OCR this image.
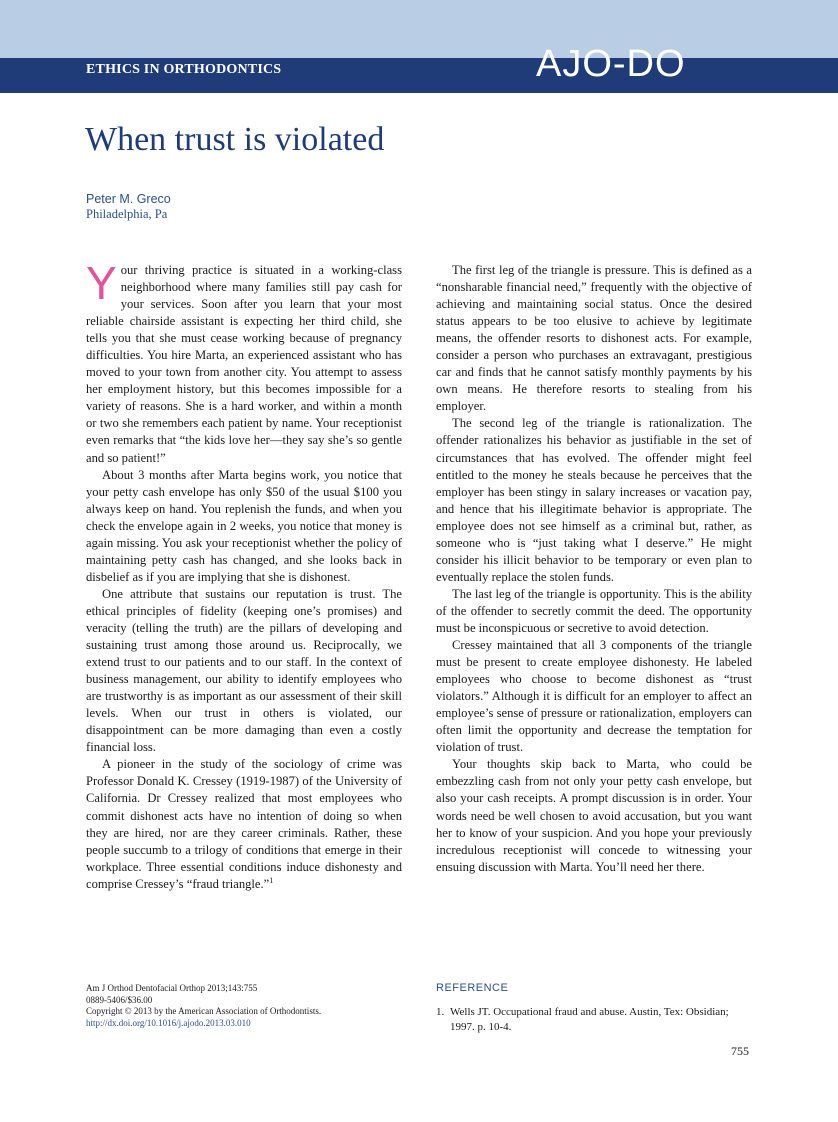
ETHICS IN ORTHODONTICS	AJO-DO
When trust is violated
Peter M. Greco
Philadelphia, Pa

Your thriving practice is situated in a working-class neighborhood where many families still pay cash for your services. Soon after you learn that your most reliable chairside assistant is expecting her third child, she tells you that she must cease working because of pregnancy difficulties. You hire Marta, an experienced assistant who has moved to your town from another city. You attempt to assess her employment history, but this becomes impossible for a variety of reasons. She is a hard worker, and within a month or two she remembers each patient by name. Your receptionist even remarks that “the kids love her—they say she’s so gentle and so patient!”

About 3 months after Marta begins work, you notice that your petty cash envelope has only $50 of the usual $100 you always keep on hand. You replenish the funds, and when you check the envelope again in 2 weeks, you notice that money is again missing. You ask your receptionist whether the policy of maintaining petty cash has changed, and she looks back in disbelief as if you are implying that she is dishonest.

One attribute that sustains our reputation is trust. The ethical principles of fidelity (keeping one’s promises) and veracity (telling the truth) are the pillars of developing and sustaining trust among those around us. Reciprocally, we extend trust to our patients and to our staff. In the context of business management, our ability to identify employees who are trustworthy is as important as our assessment of their skill levels. When our trust in others is violated, our disappointment can be more damaging than even a costly financial loss.

A pioneer in the study of the sociology of crime was Professor Donald K. Cressey (1919-1987) of the University of California. Dr Cressey realized that most employees who commit dishonest acts have no intention of doing so when they are hired, nor are they career criminals. Rather, these people succumb to a trilogy of conditions that emerge in their workplace. Three essential conditions induce dishonesty and comprise Cressey’s “fraud triangle.”$^1$

The first leg of the triangle is pressure. This is defined as a “nonsharable financial need,” frequently with the objective of achieving and maintaining social status. Once the desired status appears to be too elusive to achieve by legitimate means, the offender resorts to dishonest acts. For example, consider a person who purchases an extravagant, prestigious car and finds that he cannot satisfy monthly payments by his own means. He therefore resorts to stealing from his employer.

The second leg of the triangle is rationalization. The offender rationalizes his behavior as justifiable in the set of circumstances that has evolved. The offender might feel entitled to the money he steals because he perceives that the employer has been stingy in salary increases or vacation pay, and hence that his illegitimate behavior is appropriate. The employee does not see himself as a criminal but, rather, as someone who is “just taking what I deserve.” He might consider his illicit behavior to be temporary or even plan to eventually replace the stolen funds.

The last leg of the triangle is opportunity. This is the ability of the offender to secretly commit the deed. The opportunity must be inconspicuous or secretive to avoid detection.

Cressey maintained that all 3 components of the triangle must be present to create employee dishonesty. He labeled employees who choose to become dishonest as “trust violators.” Although it is difficult for an employer to affect an employee’s sense of pressure or rationalization, employers can often limit the opportunity and decrease the temptation for violation of trust.

Your thoughts skip back to Marta, who could be embezzling cash from not only your petty cash envelope, but also your cash receipts. A prompt discussion is in order. Your words need be well chosen to avoid accusation, but you want her to know of your suspicion. And you hope your previously incredulous receptionist will concede to witnessing your ensuing discussion with Marta. You’ll need her there.

Am J Orthod Dentofacial Orthop 2013;143:755
0889-5406/$36.00
Copyright © 2013 by the American Association of Orthodontists.
http://dx.doi.org/10.1016/j.ajodo.2013.03.010
REFERENCE
1. Wells JT. Occupational fraud and abuse. Austin, Tex: Obsidian; 1997. p. 10-4.
755
